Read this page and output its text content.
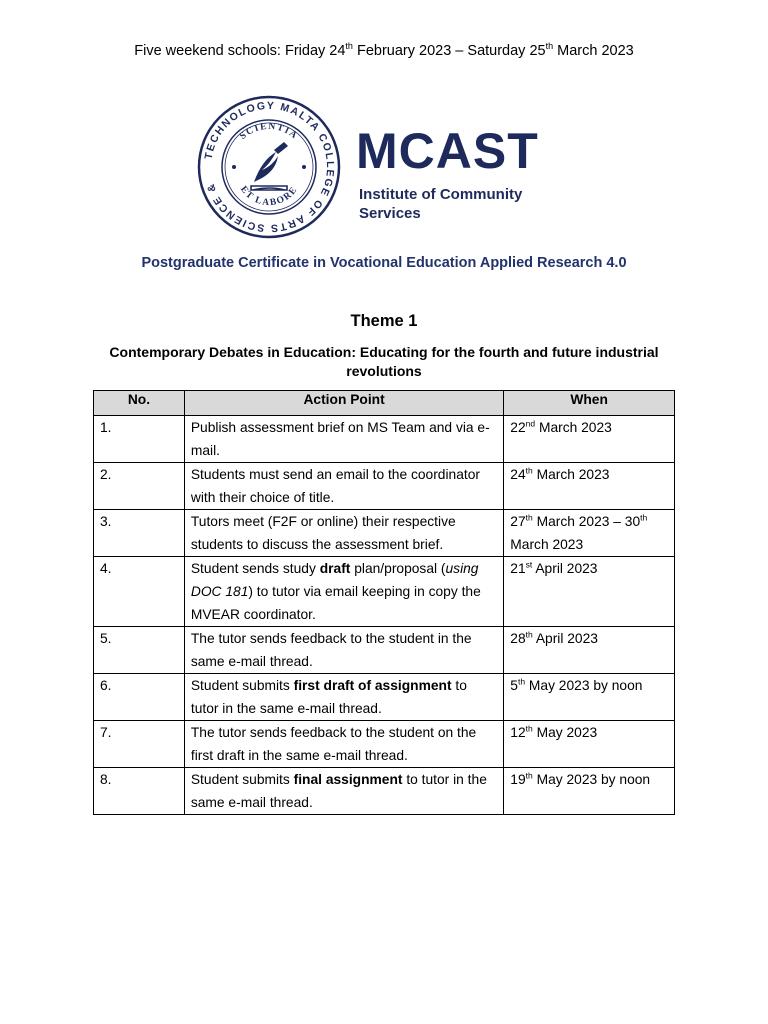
Five weekend schools: Friday 24th February 2023 – Saturday 25th March 2023
TECHNOLOGY MALTA COLLEGE OF ARTS SCIENCE &
SCIENTIA
ET LABORE
MCAST
Institute of Community
Services
Postgraduate Certificate in Vocational Education Applied Research 4.0
Theme 1
Contemporary Debates in Education: Educating for the fourth and future industrial revolutions
No.	Action Point	When
1.	Publish assessment brief on MS Team and via e-mail.	22nd March 2023
2.	Students must send an email to the coordinator with their choice of title.	24th March 2023
3.	Tutors meet (F2F or online) their respective students to discuss the assessment brief.	27th March 2023 – 30th March 2023
4.	Student sends study draft plan/proposal (using DOC 181) to tutor via email keeping in copy the MVEAR coordinator.	21st April 2023
5.	The tutor sends feedback to the student in the same e-mail thread.	28th April 2023
6.	Student submits first draft of assignment to tutor in the same e-mail thread.	5th May 2023 by noon
7.	The tutor sends feedback to the student on the first draft in the same e-mail thread.	12th May 2023
8.	Student submits final assignment to tutor in the same e-mail thread.	19th May 2023 by noon
